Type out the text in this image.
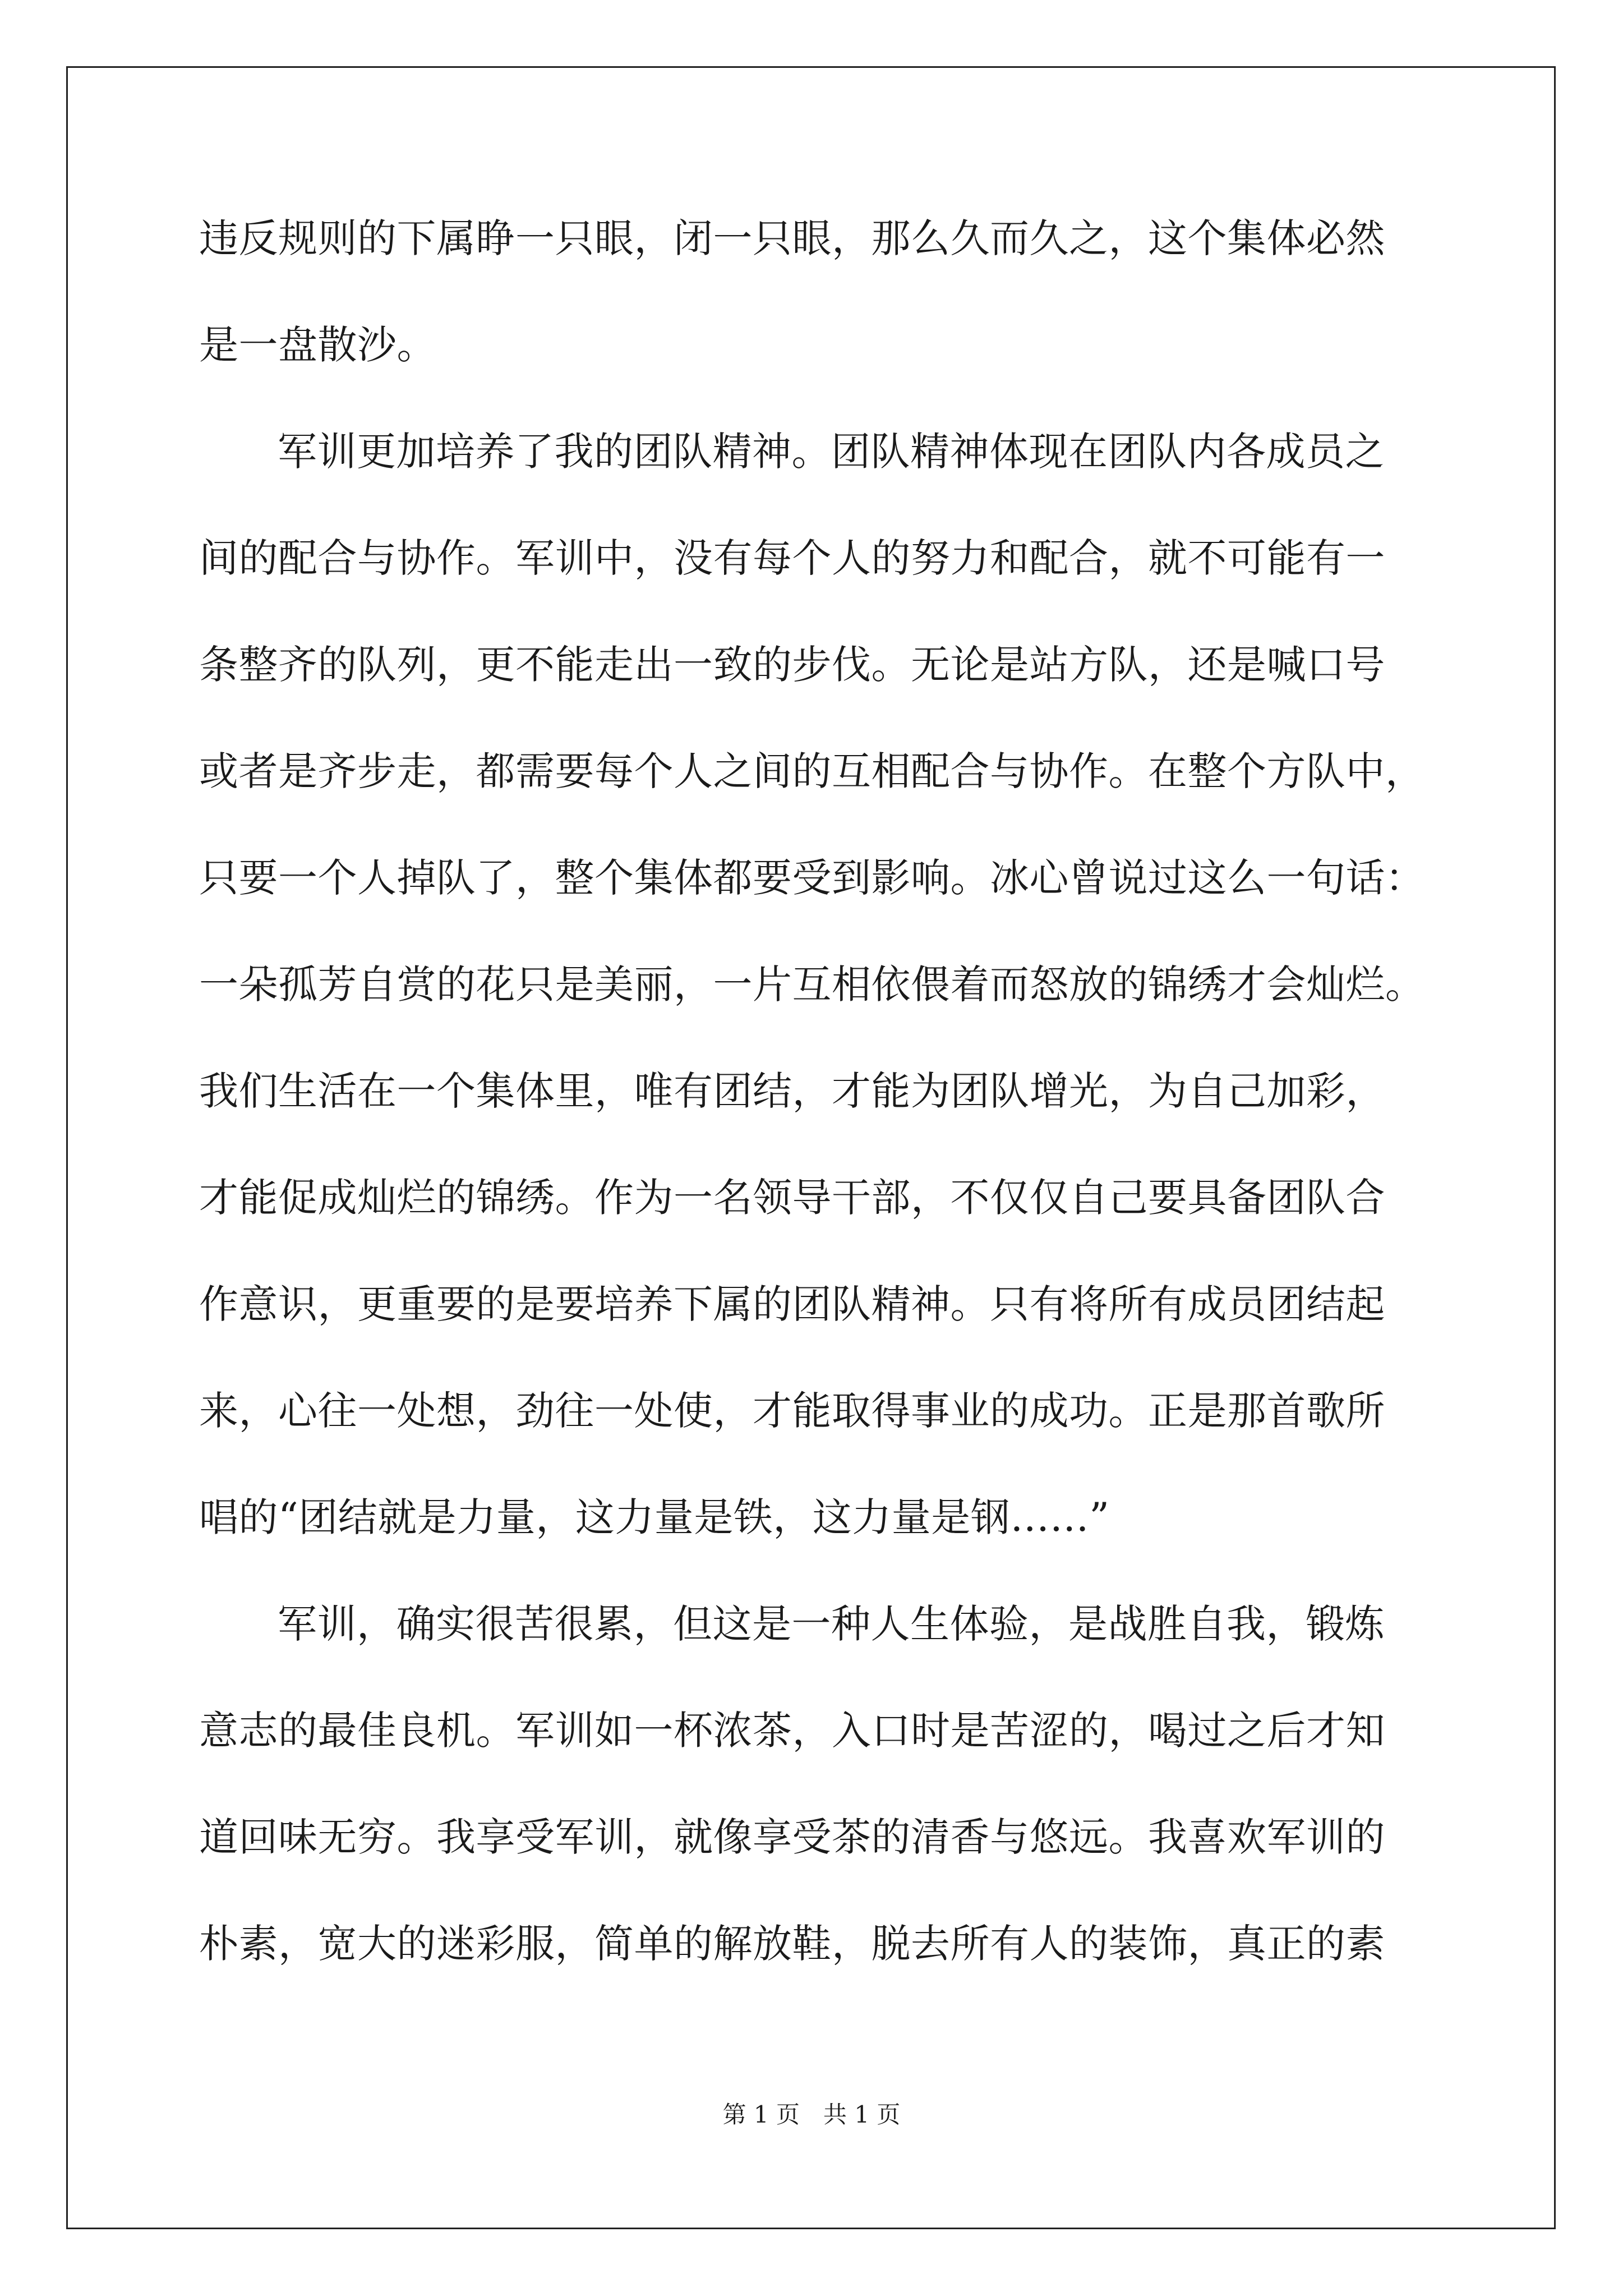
违反规则的下属睁一只眼，闭一只眼，那么久而久之，这个集体必然
是一盘散沙。
军训更加培养了我的团队精神。团队精神体现在团队内各成员之
间的配合与协作。军训中，没有每个人的努力和配合，就不可能有一
条整齐的队列，更不能走出一致的步伐。无论是站方队，还是喊口号
或者是齐步走，都需要每个人之间的互相配合与协作。在整个方队中，
只要一个人掉队了，整个集体都要受到影响。冰心曾说过这么一句话：
一朵孤芳自赏的花只是美丽，一片互相依偎着而怒放的锦绣才会灿烂。
我们生活在一个集体里，唯有团结，才能为团队增光，为自己加彩，
才能促成灿烂的锦绣。作为一名领导干部，不仅仅自己要具备团队合
作意识，更重要的是要培养下属的团队精神。只有将所有成员团结起
来，心往一处想，劲往一处使，才能取得事业的成功。正是那首歌所
唱的“团结就是力量，这力量是铁，这力量是钢……”
军训，确实很苦很累，但这是一种人生体验，是战胜自我，锻炼
意志的最佳良机。军训如一杯浓茶，入口时是苦涩的，喝过之后才知
道回味无穷。我享受军训，就像享受茶的清香与悠远。我喜欢军训的
朴素，宽大的迷彩服，简单的解放鞋，脱去所有人的装饰，真正的素
第 1 页　共 1 页
